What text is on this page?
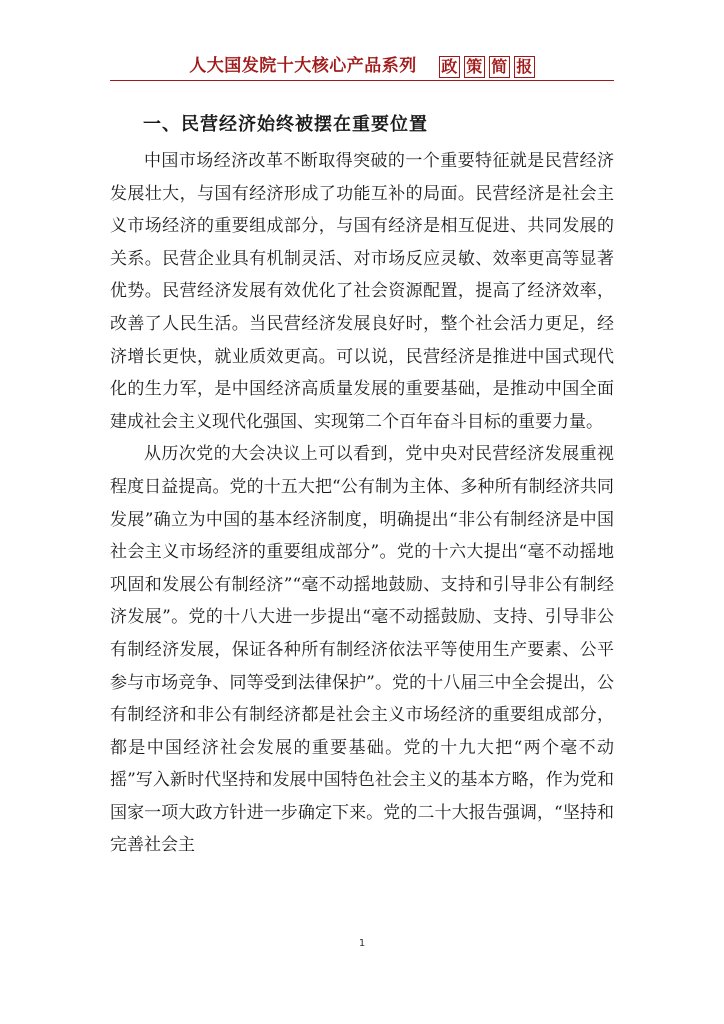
人大国发院十大核心产品系列 政 策 简 报
一、民营经济始终被摆在重要位置

中国市场经济改革不断取得突破的一个重要特征就是民营经济发展壮大，与国有经济形成了功能互补的局面。民营经济是社会主义市场经济的重要组成部分，与国有经济是相互促进、共同发展的关系。民营企业具有机制灵活、对市场反应灵敏、效率更高等显著优势。民营经济发展有效优化了社会资源配置，提高了经济效率，改善了人民生活。当民营经济发展良好时，整个社会活力更足，经济增长更快，就业质效更高。可以说，民营经济是推进中国式现代化的生力军，是中国经济高质量发展的重要基础，是推动中国全面建成社会主义现代化强国、实现第二个百年奋斗目标的重要力量。

从历次党的大会决议上可以看到，党中央对民营经济发展重视程度日益提高。党的十五大把“公有制为主体、多种所有制经济共同发展”确立为中国的基本经济制度，明确提出“非公有制经济是中国社会主义市场经济的重要组成部分”。党的十六大提出“毫不动摇地巩固和发展公有制经济”“毫不动摇地鼓励、支持和引导非公有制经济发展”。党的十八大进一步提出“毫不动摇鼓励、支持、引导非公有制经济发展，保证各种所有制经济依法平等使用生产要素、公平参与市场竞争、同等受到法律保护”。党的十八届三中全会提出，公有制经济和非公有制经济都是社会主义市场经济的重要组成部分，都是中国经济社会发展的重要基础。党的十九大把“两个毫不动摇”写入新时代坚持和发展中国特色社会主义的基本方略，作为党和国家一项大政方针进一步确定下来。党的二十大报告强调，“坚持和完善社会主

1
